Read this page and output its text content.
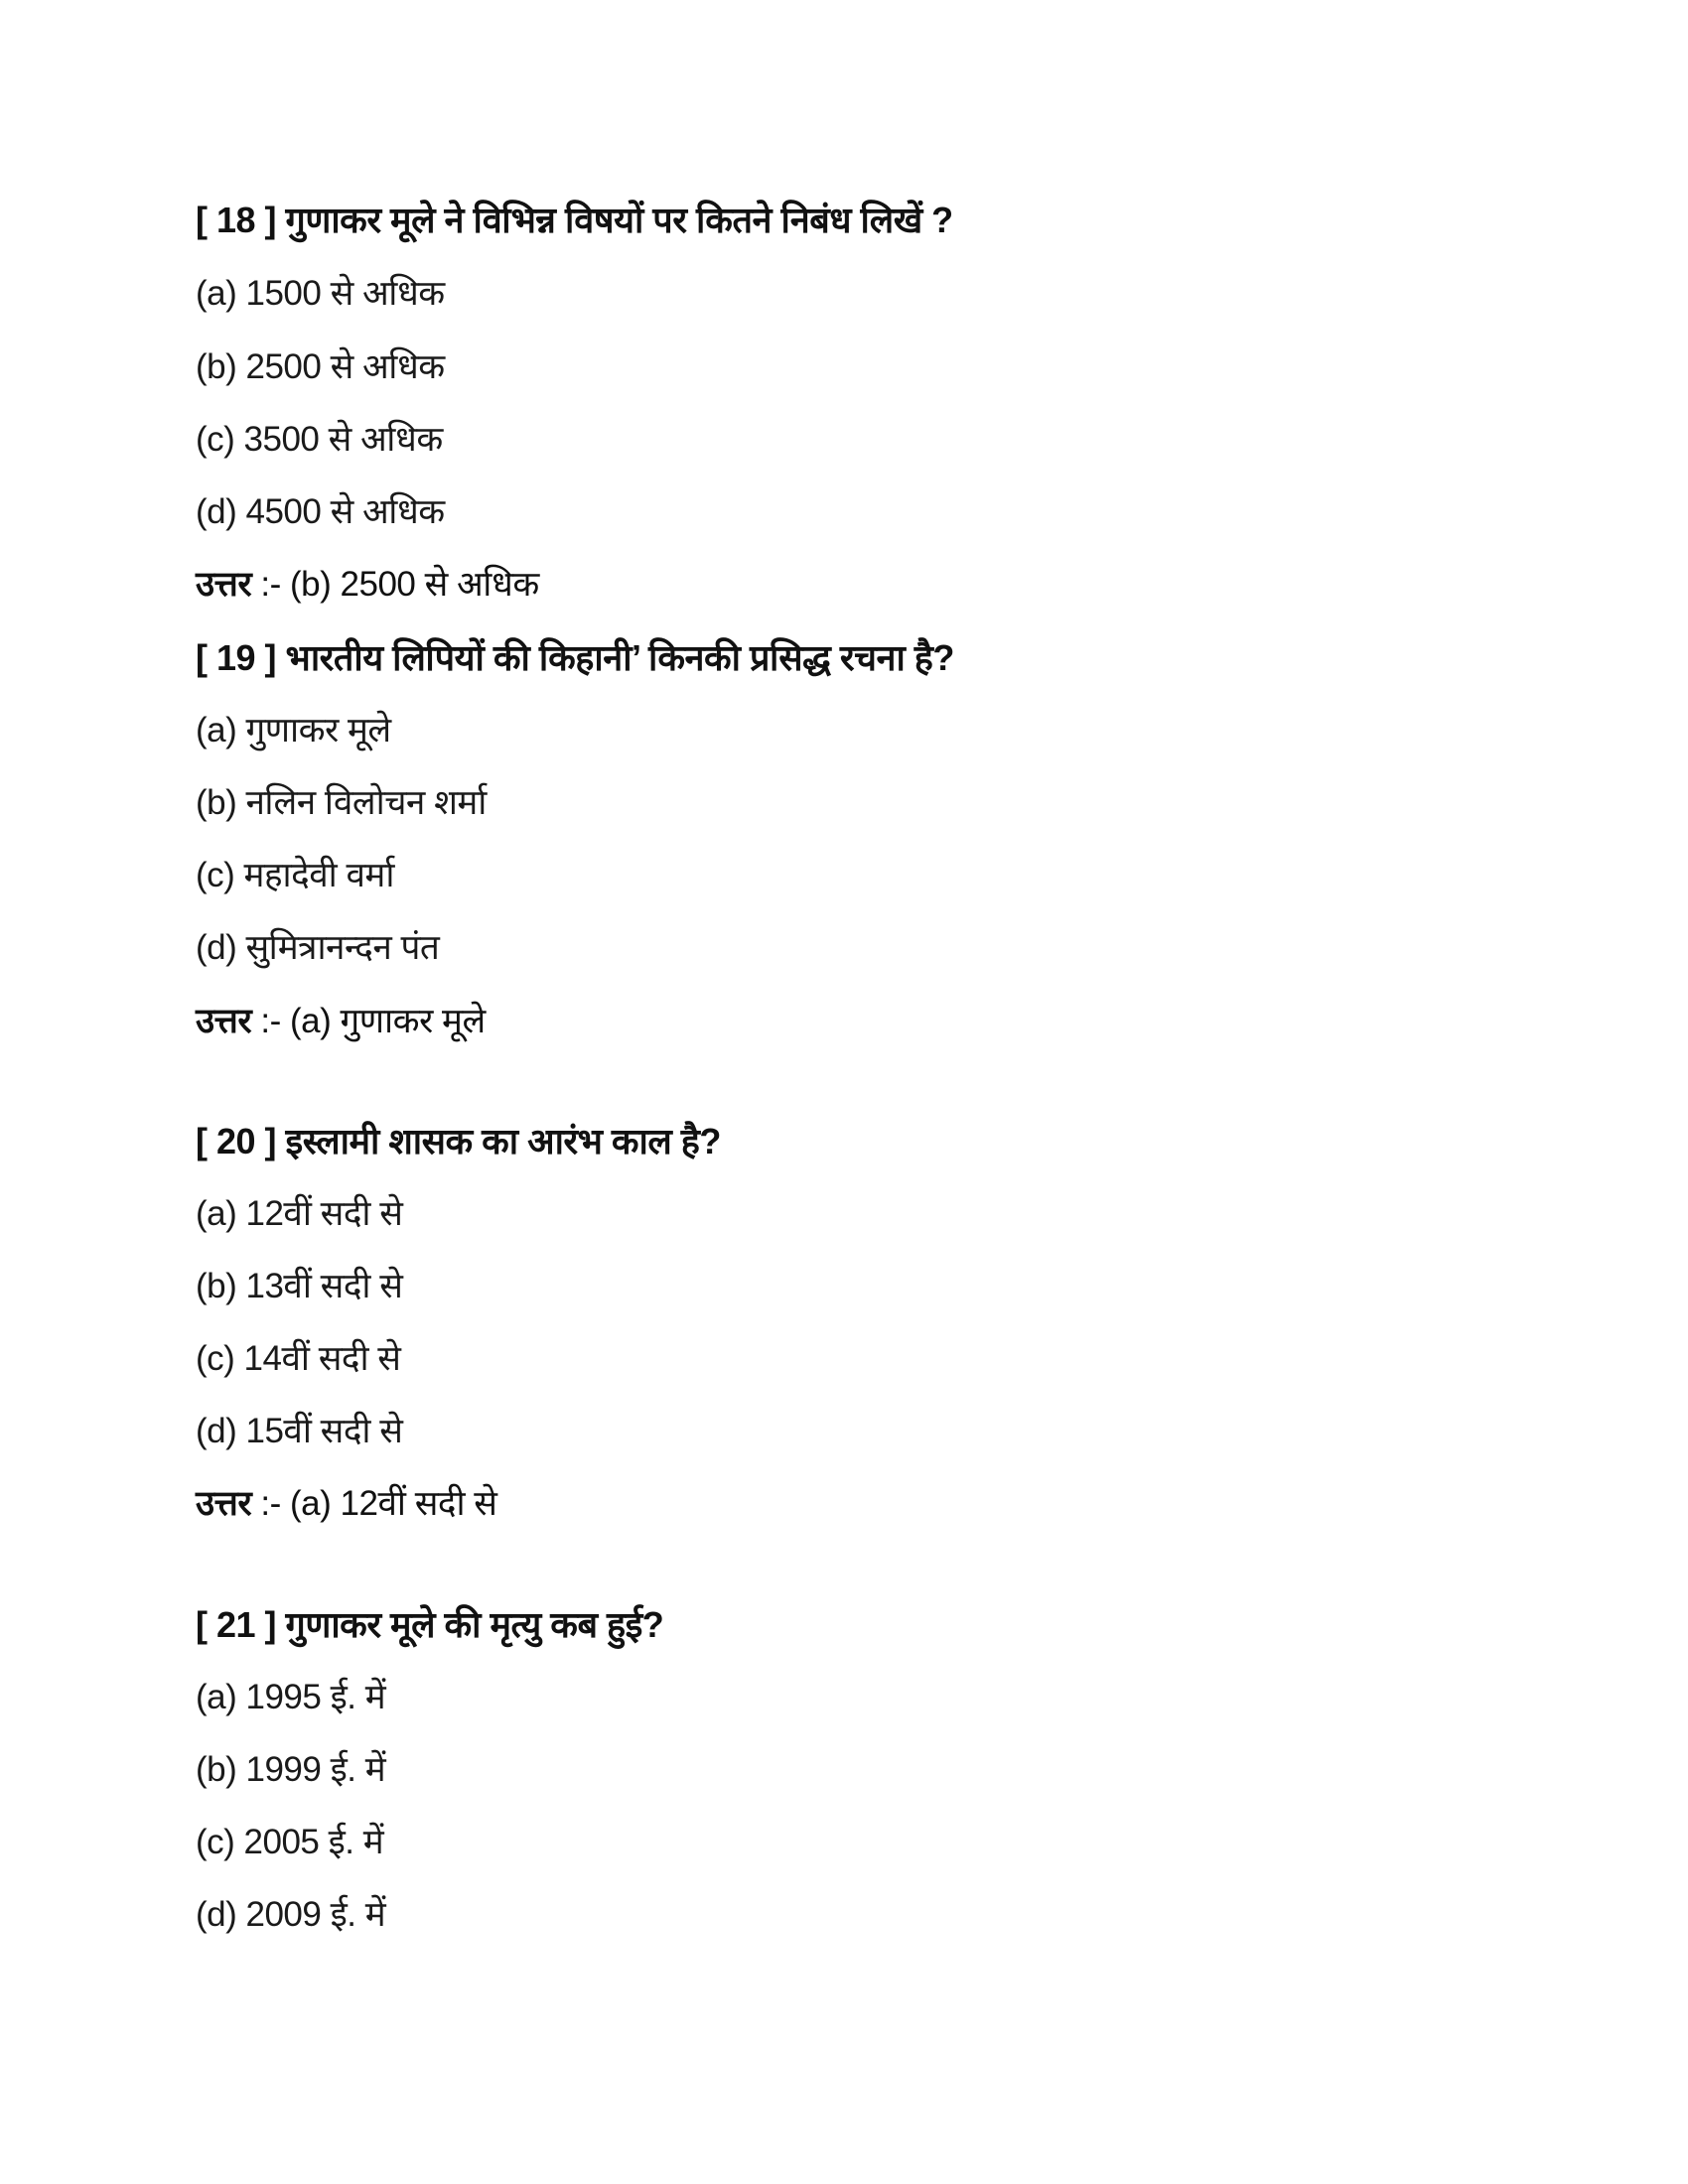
[ 18 ] गुणाकर मूले ने विभिन्न विषयों पर कितने निबंध लिखें ?
(a) 1500 से अधिक
(b) 2500 से अधिक
(c) 3500 से अधिक
(d) 4500 से अधिक
उत्तर :- (b) 2500 से अधिक
[ 19 ] भारतीय लिपियों की किहानी’ किनकी प्रसिद्ध रचना है?
(a) गुणाकर मूले
(b) नलिन विलोचन शर्मा
(c) महादेवी वर्मा
(d) सुमित्रानन्दन पंत
उत्तर :- (a) गुणाकर मूले
[ 20 ] इस्लामी शासक का आरंभ काल है?
(a) 12वीं सदी से
(b) 13वीं सदी से
(c) 14वीं सदी से
(d) 15वीं सदी से
उत्तर :- (a) 12वीं सदी से
[ 21 ] गुणाकर मूले की मृत्यु कब हुई?
(a) 1995 ई. में
(b) 1999 ई. में
(c) 2005 ई. में
(d) 2009 ई. में
